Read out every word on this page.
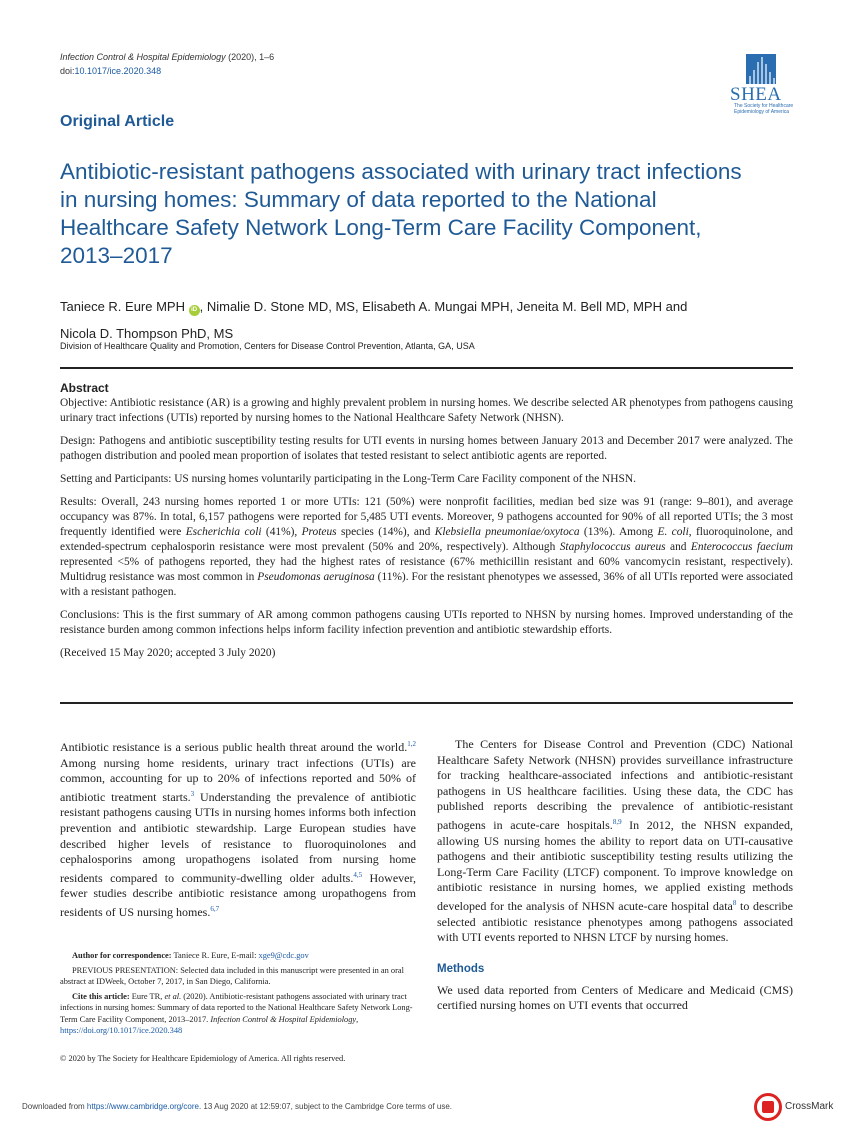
Infection Control & Hospital Epidemiology (2020), 1–6
doi:10.1017/ice.2020.348
SHEA
The Society for Healthcare Epidemiology of America
Original Article
Antibiotic-resistant pathogens associated with urinary tract infections in nursing homes: Summary of data reported to the National Healthcare Safety Network Long-Term Care Facility Component, 2013–2017
Taniece R. Eure MPH iD , Nimalie D. Stone MD, MS, Elisabeth A. Mungai MPH, Jeneita M. Bell MD, MPH and
Nicola D. Thompson PhD, MS
Division of Healthcare Quality and Promotion, Centers for Disease Control Prevention, Atlanta, GA, USA
Abstract

Objective: Antibiotic resistance (AR) is a growing and highly prevalent problem in nursing homes. We describe selected AR phenotypes from pathogens causing urinary tract infections (UTIs) reported by nursing homes to the National Healthcare Safety Network (NHSN).

Design: Pathogens and antibiotic susceptibility testing results for UTI events in nursing homes between January 2013 and December 2017 were analyzed. The pathogen distribution and pooled mean proportion of isolates that tested resistant to select antibiotic agents are reported.

Setting and Participants: US nursing homes voluntarily participating in the Long-Term Care Facility component of the NHSN.

Results: Overall, 243 nursing homes reported 1 or more UTIs: 121 (50%) were nonprofit facilities, median bed size was 91 (range: 9–801), and average occupancy was 87%. In total, 6,157 pathogens were reported for 5,485 UTI events. Moreover, 9 pathogens accounted for 90% of all reported UTIs; the 3 most frequently identified were Escherichia coli (41%), Proteus species (14%), and Klebsiella pneumoniae/oxytoca (13%). Among E. coli, fluoroquinolone, and extended-spectrum cephalosporin resistance were most prevalent (50% and 20%, respectively). Although Staphylococcus aureus and Enterococcus faecium represented <5% of pathogens reported, they had the highest rates of resistance (67% methicillin resistant and 60% vancomycin resistant, respectively). Multidrug resistance was most common in Pseudomonas aeruginosa (11%). For the resistant phenotypes we assessed, 36% of all UTIs reported were associated with a resistant pathogen.

Conclusions: This is the first summary of AR among common pathogens causing UTIs reported to NHSN by nursing homes. Improved understanding of the resistance burden among common infections helps inform facility infection prevention and antibiotic stewardship efforts.

(Received 15 May 2020; accepted 3 July 2020)

Antibiotic resistance is a serious public health threat around the world.$^{1,2}$ Among nursing home residents, urinary tract infections (UTIs) are common, accounting for up to 20% of infections reported and 50% of antibiotic treatment starts.$^3$ Understanding the prevalence of antibiotic resistant pathogens causing UTIs in nursing homes informs both infection prevention and antibiotic stewardship. Large European studies have described higher levels of resistance to fluoroquinolones and cephalosporins among uropathogens isolated from nursing home residents compared to community-dwelling older adults.$^{4,5}$ However, fewer studies describe antibiotic resistance among uropathogens from residents of US nursing homes.$^{6,7}$

Author for correspondence: Taniece R. Eure, E-mail: xge9@cdc.gov

PREVIOUS PRESENTATION: Selected data included in this manuscript were presented in an oral abstract at IDWeek, October 7, 2017, in San Diego, California.

Cite this article: Eure TR, et al. (2020). Antibiotic-resistant pathogens associated with urinary tract infections in nursing homes: Summary of data reported to the National Healthcare Safety Network Long-Term Care Facility Component, 2013–2017. Infection Control & Hospital Epidemiology, https://doi.org/10.1017/ice.2020.348

© 2020 by The Society for Healthcare Epidemiology of America. All rights reserved.

The Centers for Disease Control and Prevention (CDC) National Healthcare Safety Network (NHSN) provides surveillance infrastructure for tracking healthcare-associated infections and antibiotic-resistant pathogens in US healthcare facilities. Using these data, the CDC has published reports describing the prevalence of antibiotic-resistant pathogens in acute-care hospitals.$^{8,9}$ In 2012, the NHSN expanded, allowing US nursing homes the ability to report data on UTI-causative pathogens and their antibiotic susceptibility testing results utilizing the Long-Term Care Facility (LTCF) component. To improve knowledge on antibiotic resistance in nursing homes, we applied existing methods developed for the analysis of NHSN acute-care hospital data$^8$ to describe selected antibiotic resistance phenotypes among pathogens associated with UTI events reported to NHSN LTCF by nursing homes.

Methods

We used data reported from Centers of Medicare and Medicaid (CMS) certified nursing homes on UTI events that occurred

Downloaded from https://www.cambridge.org/core. 13 Aug 2020 at 12:59:07, subject to the Cambridge Core terms of use.	CrossMark
